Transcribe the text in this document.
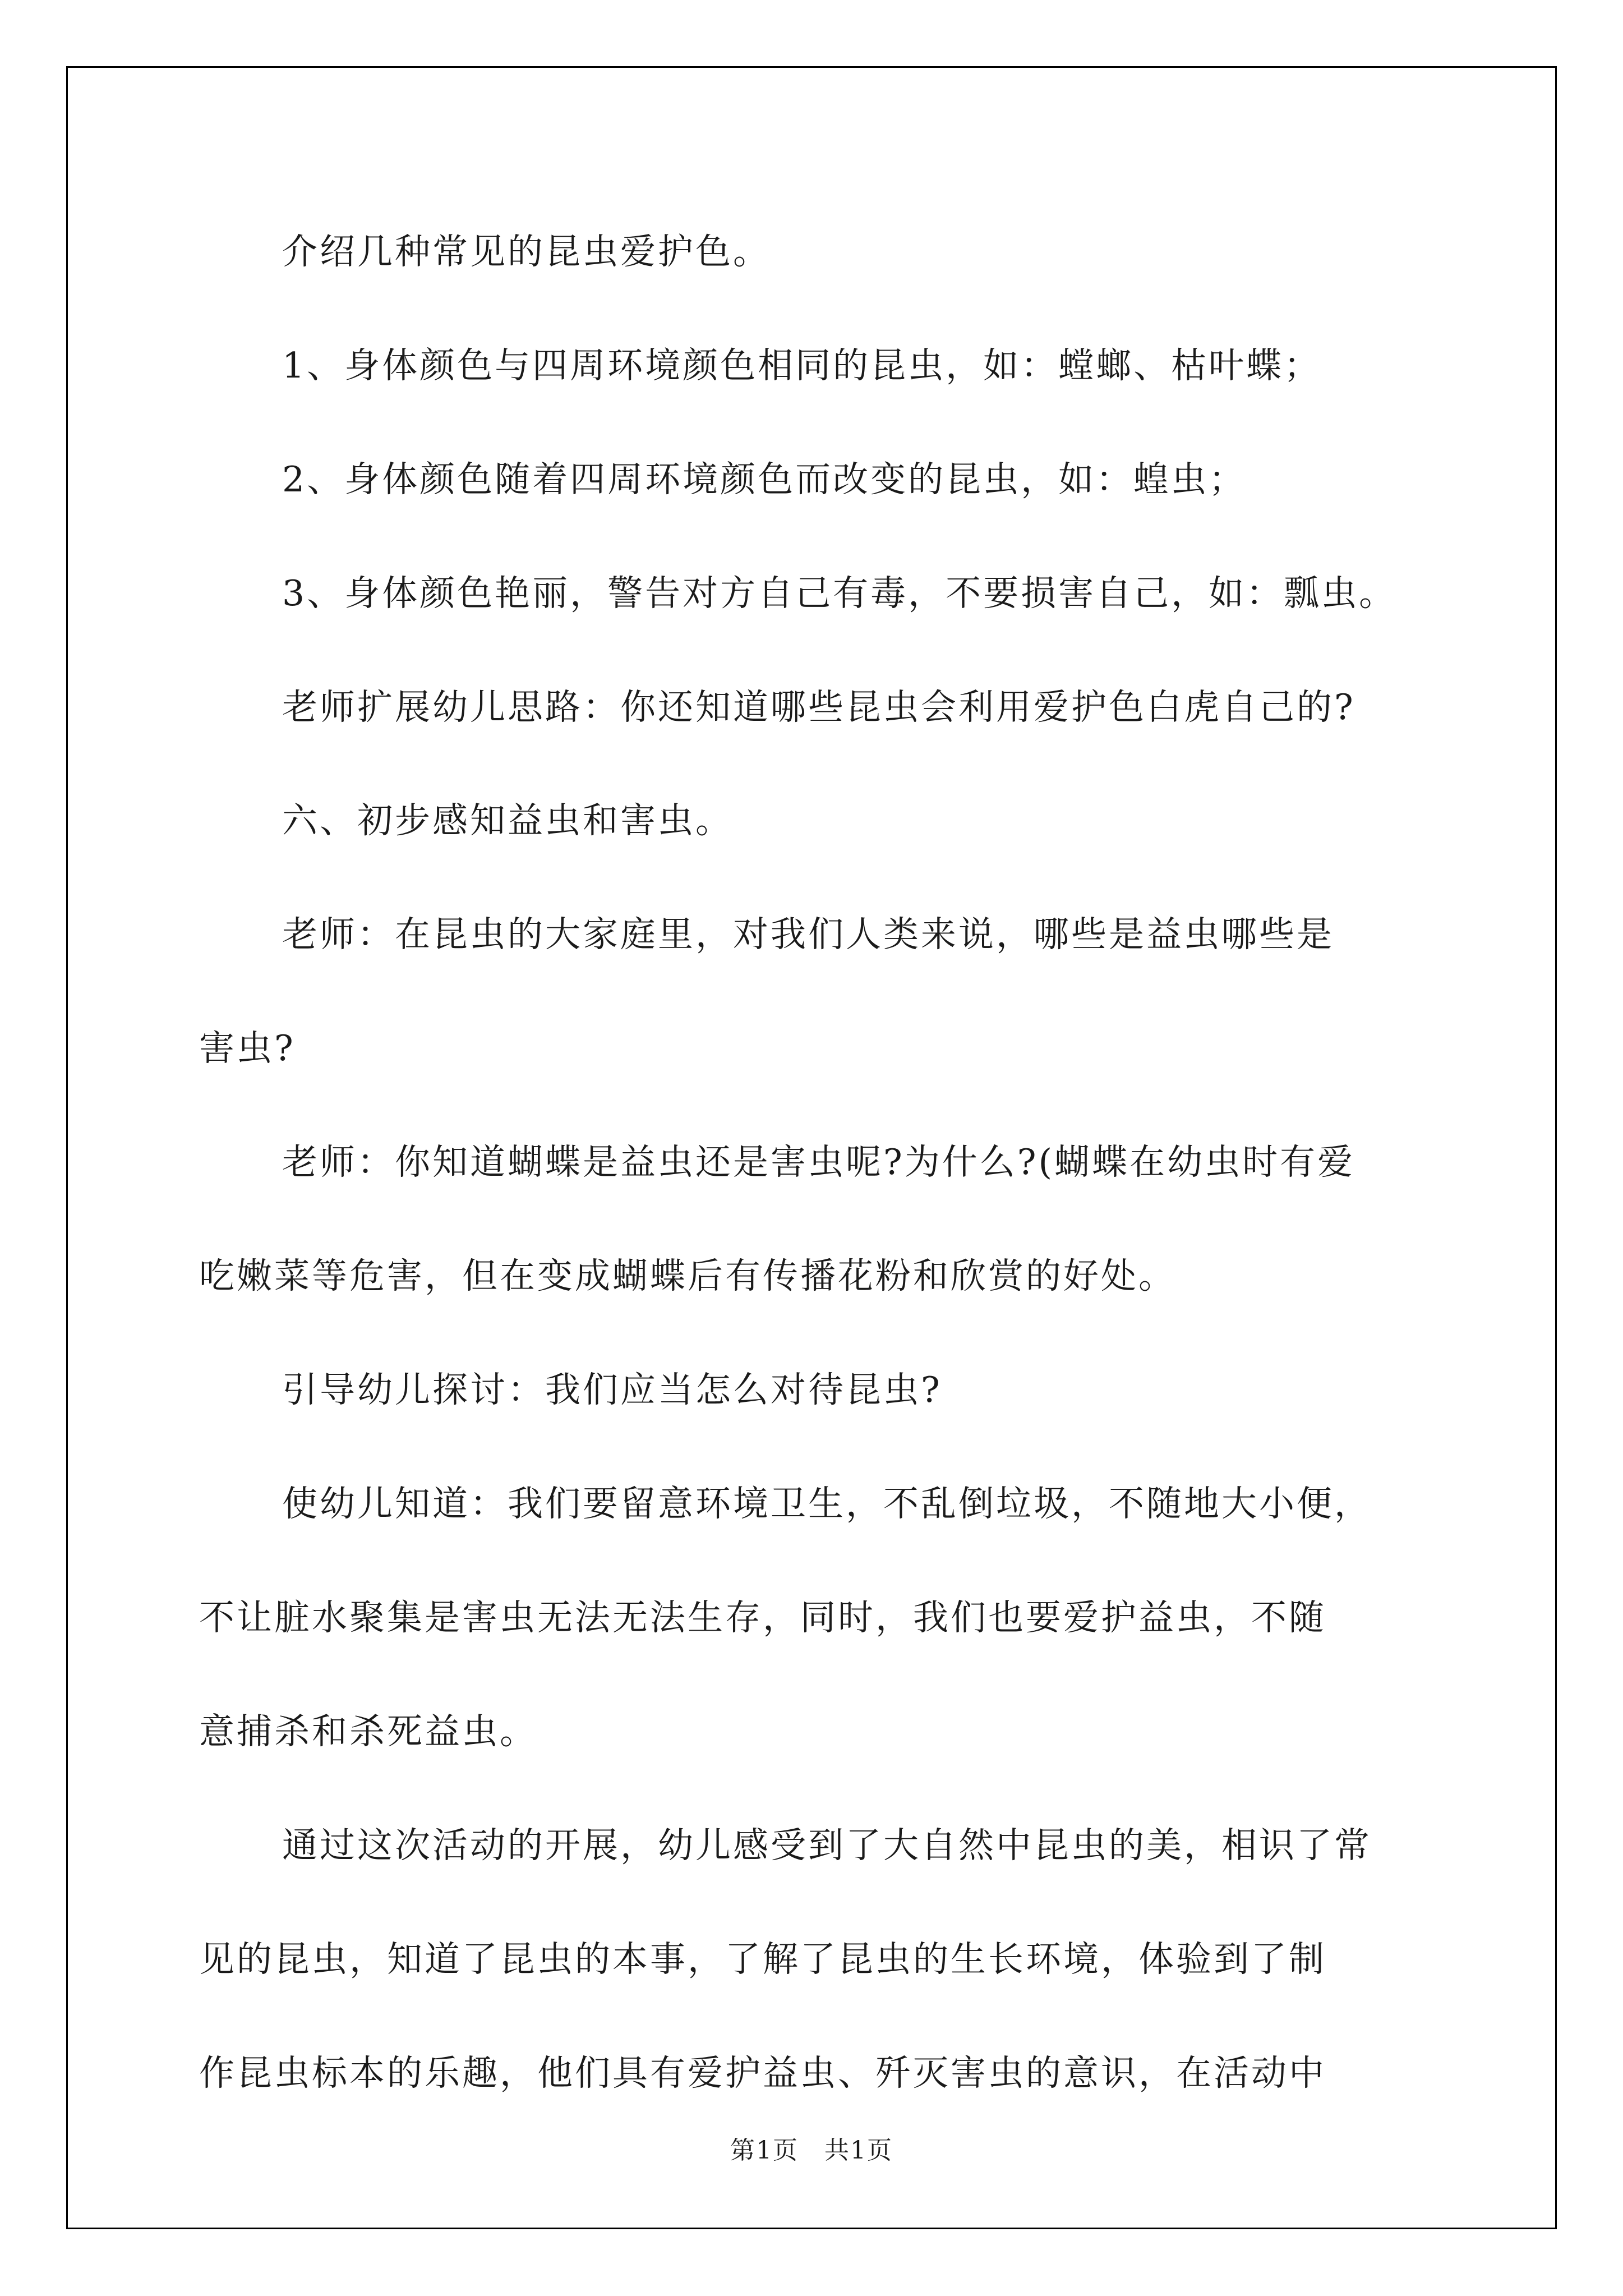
介绍几种常见的昆虫爱护色。
1、身体颜色与四周环境颜色相同的昆虫，如：螳螂、枯叶蝶；
2、身体颜色随着四周环境颜色而改变的昆虫，如：蝗虫；
3、身体颜色艳丽，警告对方自己有毒，不要损害自己，如：瓢虫。
老师扩展幼儿思路：你还知道哪些昆虫会利用爱护色白虎自己的?
六、初步感知益虫和害虫。
老师：在昆虫的大家庭里，对我们人类来说，哪些是益虫哪些是
害虫?
老师：你知道蝴蝶是益虫还是害虫呢?为什么?(蝴蝶在幼虫时有爱
吃嫩菜等危害，但在变成蝴蝶后有传播花粉和欣赏的好处。
引导幼儿探讨：我们应当怎么对待昆虫?
使幼儿知道：我们要留意环境卫生，不乱倒垃圾，不随地大小便，
不让脏水聚集是害虫无法无法生存，同时，我们也要爱护益虫，不随
意捕杀和杀死益虫。
通过这次活动的开展，幼儿感受到了大自然中昆虫的美，相识了常
见的昆虫，知道了昆虫的本事，了解了昆虫的生长环境，体验到了制
作昆虫标本的乐趣，他们具有爱护益虫、歼灭害虫的意识，在活动中
第1页　共1页
